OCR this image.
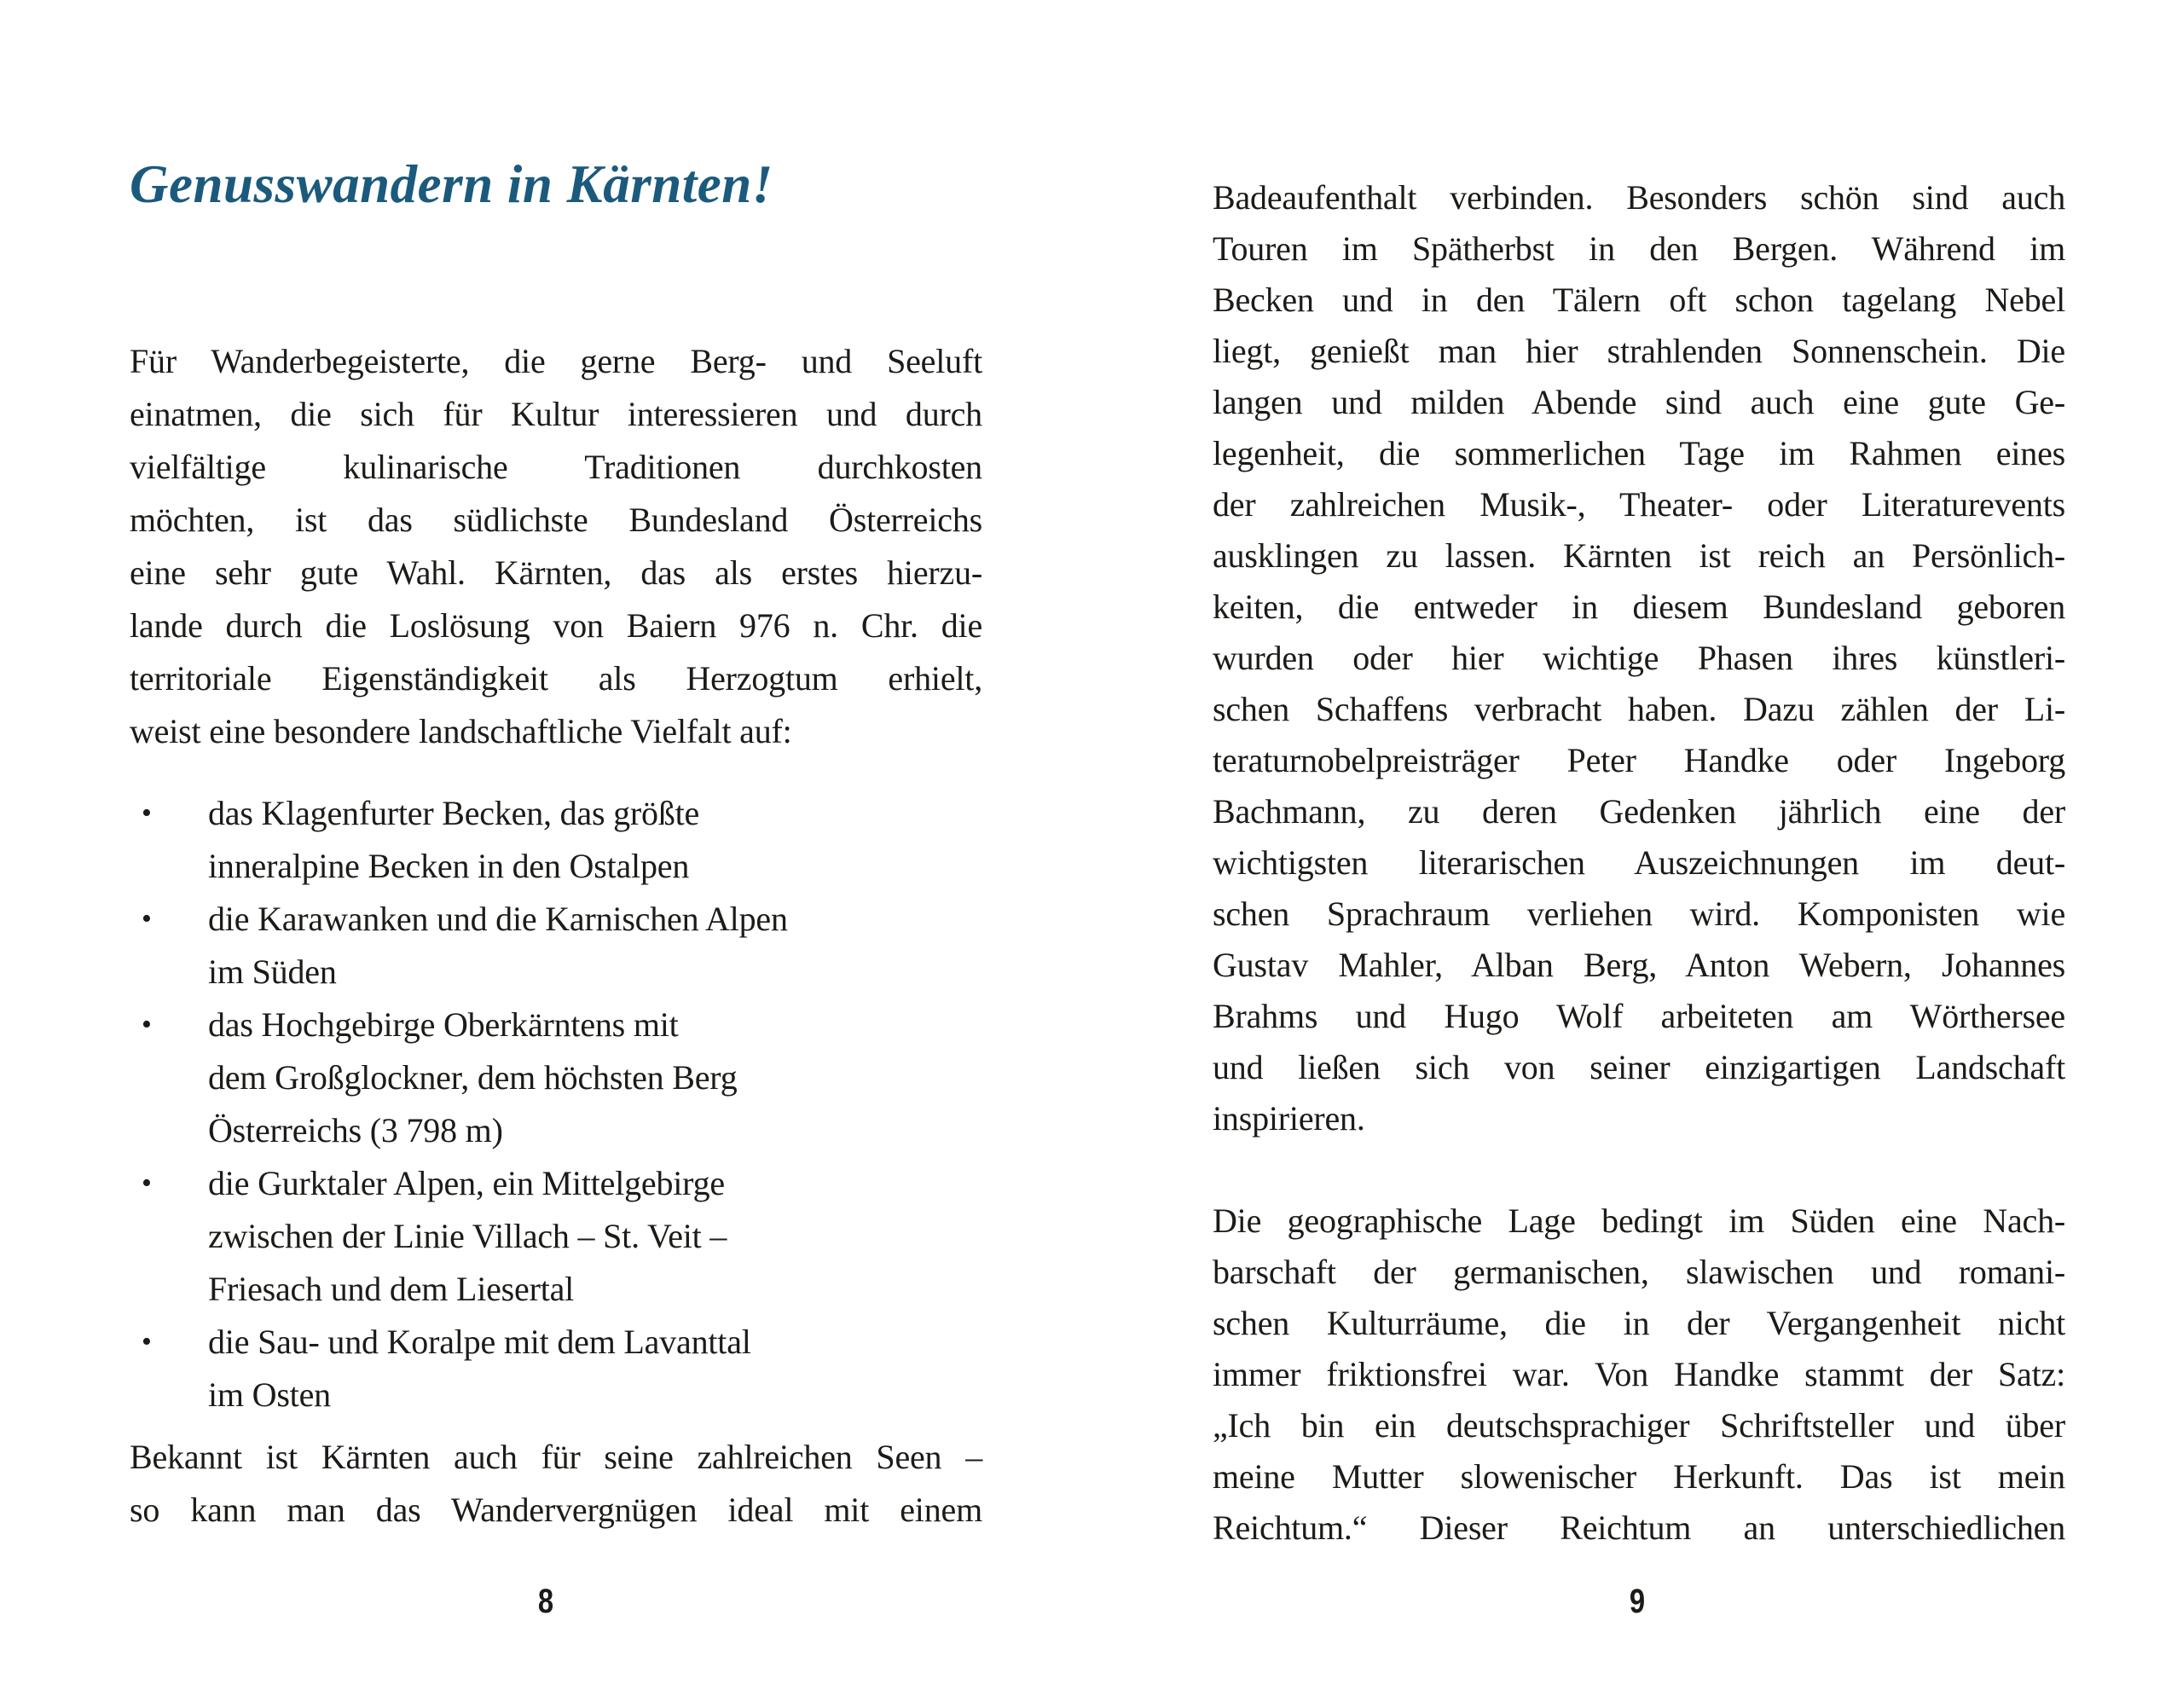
Genusswandern in Kärnten!
Für Wanderbegeisterte, die gerne Berg- und Seeluft
einatmen, die sich für Kultur interessieren und durch
vielfältige kulinarische Traditionen durchkosten
möchten, ist das südlichste Bundesland Österreichs
eine sehr gute Wahl. Kärnten, das als erstes hierzu-
lande durch die Loslösung von Baiern 976 n. Chr. die
territoriale Eigenständigkeit als Herzogtum erhielt,
weist eine besondere landschaftliche Vielfalt auf:
• das Klagenfurter Becken, das größte
inneralpine Becken in den Ostalpen
• die Karawanken und die Karnischen Alpen
im Süden
• das Hochgebirge Oberkärntens mit
dem Großglockner, dem höchsten Berg
Österreichs (3 798 m)
• die Gurktaler Alpen, ein Mittelgebirge
zwischen der Linie Villach – St. Veit –
Friesach und dem Liesertal
• die Sau- und Koralpe mit dem Lavanttal
im Osten
Bekannt ist Kärnten auch für seine zahlreichen Seen –
so kann man das Wandervergnügen ideal mit einem
8
Badeaufenthalt verbinden. Besonders schön sind auch
Touren im Spätherbst in den Bergen. Während im
Becken und in den Tälern oft schon tagelang Nebel
liegt, genießt man hier strahlenden Sonnenschein. Die
langen und milden Abende sind auch eine gute Ge-
legenheit, die sommerlichen Tage im Rahmen eines
der zahlreichen Musik-, Theater- oder Literaturevents
ausklingen zu lassen. Kärnten ist reich an Persönlich-
keiten, die entweder in diesem Bundesland geboren
wurden oder hier wichtige Phasen ihres künstleri-
schen Schaffens verbracht haben. Dazu zählen der Li-
teraturnobelpreisträger Peter Handke oder Ingeborg
Bachmann, zu deren Gedenken jährlich eine der
wichtigsten literarischen Auszeichnungen im deut-
schen Sprachraum verliehen wird. Komponisten wie
Gustav Mahler, Alban Berg, Anton Webern, Johannes
Brahms und Hugo Wolf arbeiteten am Wörthersee
und ließen sich von seiner einzigartigen Landschaft
inspirieren.
Die geographische Lage bedingt im Süden eine Nach-
barschaft der germanischen, slawischen und romani-
schen Kulturräume, die in der Vergangenheit nicht
immer friktionsfrei war. Von Handke stammt der Satz:
„Ich bin ein deutschsprachiger Schriftsteller und über
meine Mutter slowenischer Herkunft. Das ist mein
Reichtum.“ Dieser Reichtum an unterschiedlichen
9
